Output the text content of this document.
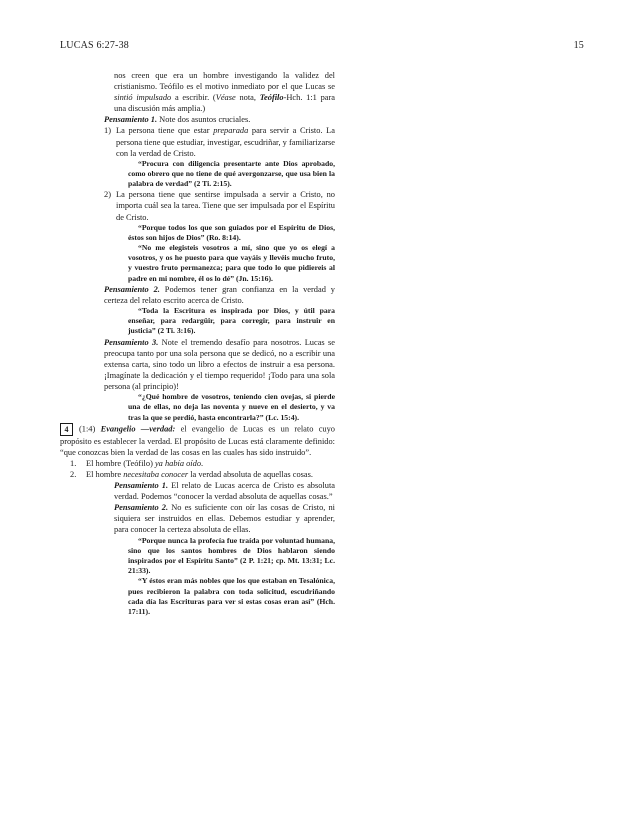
LUCAS 6:27-38	15

nos creen que era un hombre investigando la validez del cristianismo. Teófilo es el motivo inmediato por el que Lucas se sintió impulsado a escribir. (Véase nota, Teófilo-Hch. 1:1 para una discusión más amplia.)

Pensamiento 1. Note dos asuntos cruciales.

1) La persona tiene que estar preparada para servir a Cristo. La persona tiene que estudiar, investigar, escudriñar, y familiarizarse con la verdad de Cristo.

“Procura con diligencia presentarte ante Dios aprobado, como obrero que no tiene de qué avergonzarse, que usa bien la palabra de verdad” (2 Ti. 2:15).

2) La persona tiene que sentirse impulsada a servir a Cristo, no importa cuál sea la tarea. Tiene que ser impulsada por el Espíritu de Cristo.

“Porque todos los que son guiados por el Espíritu de Dios, éstos son hijos de Dios” (Ro. 8:14).

“No me elegisteis vosotros a mí, sino que yo os elegí a vosotros, y os he puesto para que vayáis y llevéis mucho fruto, y vuestro fruto permanezca; para que todo lo que pidiereis al padre en mi nombre, él os lo dé” (Jn. 15:16).

Pensamiento 2. Podemos tener gran confianza en la verdad y certeza del relato escrito acerca de Cristo.

“Toda la Escritura es inspirada por Dios, y útil para enseñar, para redargüir, para corregir, para instruir en justicia” (2 Ti. 3:16).

Pensamiento 3. Note el tremendo desafío para nosotros. Lucas se preocupa tanto por una sola persona que se dedicó, no a escribir una extensa carta, sino todo un libro a efectos de instruir a esa persona. ¡Imagínate la dedicación y el tiempo requerido! ¡Todo para una sola persona (al principio)!

“¿Qué hombre de vosotros, teniendo cien ovejas, si pierde una de ellas, no deja las noventa y nueve en el desierto, y va tras la que se perdió, hasta encontrarla?” (Lc. 15:4).

4 (1:4) Evangelio —verdad: el evangelio de Lucas es un relato cuyo propósito es establecer la verdad. El propósito de Lucas está claramente definido: “que conozcas bien la verdad de las cosas en las cuales has sido instruido”.

1.	El hombre (Teófilo) ya había oído.
2.	El hombre necesitaba conocer la verdad absoluta de aquellas cosas.

Pensamiento 1. El relato de Lucas acerca de Cristo es absoluta verdad. Podemos “conocer la verdad absoluta de aquellas cosas.”

Pensamiento 2. No es suficiente con oír las cosas de Cristo, ni siquiera ser instruidos en ellas. Debemos estudiar y aprender, para conocer la certeza absoluta de ellas.

“Porque nunca la profecía fue traída por voluntad humana, sino que los santos hombres de Dios hablaron siendo inspirados por el Espíritu Santo” (2 P. 1:21; cp. Mt. 13:31; Lc. 21:33).

“Y éstos eran más nobles que los que estaban en Tesalónica, pues recibieron la palabra con toda solicitud, escudriñando cada día las Escrituras para ver si estas cosas eran así” (Hch. 17:11).
